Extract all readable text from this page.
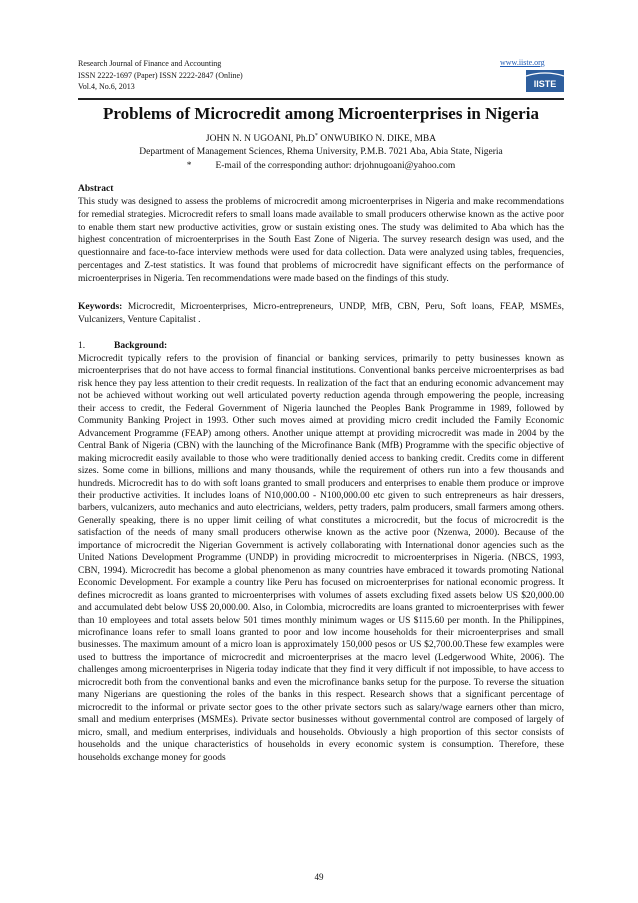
Research Journal of Finance and Accounting
ISSN 2222-1697 (Paper) ISSN 2222-2847 (Online)
Vol.4, No.6, 2013
www.iiste.org
IISTE
Problems of Microcredit among Microenterprises in Nigeria
JOHN N. N UGOANI, Ph.D* ONWUBIKO N. DIKE, MBA
Department of Management Sciences, Rhema University, P.M.B. 7021 Aba, Abia State, Nigeria
*	E-mail of the corresponding author: drjohnugoani@yahoo.com
Abstract
This study was designed to assess the problems of microcredit among microenterprises in Nigeria and make recommendations for remedial strategies. Microcredit refers to small loans made available to small producers otherwise known as the active poor to enable them start new productive activities, grow or sustain existing ones. The study was delimited to Aba which has the highest concentration of microenterprises in the South East Zone of Nigeria. The survey research design was used, and the questionnaire and face-to-face interview methods were used for data collection. Data were analyzed using tables, frequencies, percentages and Z-test statistics. It was found that problems of microcredit have significant effects on the performance of microenterprises in Nigeria. Ten recommendations were made based on the findings of this study.
Keywords: Microcredit, Microenterprises, Micro-entrepreneurs, UNDP, MfB, CBN, Peru, Soft loans, FEAP, MSMEs, Vulcanizers, Venture Capitalist .
1.	Background:
Microcredit typically refers to the provision of financial or banking services, primarily to petty businesses known as microenterprises that do not have access to formal financial institutions. Conventional banks perceive microenterprises as bad risk hence they pay less attention to their credit requests. In realization of the fact that an enduring economic advancement may not be achieved without working out well articulated poverty reduction agenda through empowering the people, increasing their access to credit, the Federal Government of Nigeria launched the Peoples Bank Programme in 1989, followed by Community Banking Project in 1993. Other such moves aimed at providing micro credit included the Family Economic Advancement Programme (FEAP) among others. Another unique attempt at providing microcredit was made in 2004 by the Central Bank of Nigeria (CBN) with the launching of the Microfinance Bank (MfB) Programme with the specific objective of making microcredit easily available to those who were traditionally denied access to banking credit. Credits come in different sizes. Some come in billions, millions and many thousands, while the requirement of others run into a few thousands and hundreds. Microcredit has to do with soft loans granted to small producers and enterprises to enable them produce or improve their productive activities. It includes loans of N10,000.00 - N100,000.00 etc given to such entrepreneurs as hair dressers, barbers, vulcanizers, auto mechanics and auto electricians, welders, petty traders, palm producers, small farmers among others. Generally speaking, there is no upper limit ceiling of what constitutes a microcredit, but the focus of microcredit is the satisfaction of the needs of many small producers otherwise known as the active poor (Nzenwa, 2000). Because of the importance of microcredit the Nigerian Government is actively collaborating with International donor agencies such as the United Nations Development Programme (UNDP) in providing microcredit to microenterprises in Nigeria. (NBCS, 1993, CBN, 1994). Microcredit has become a global phenomenon as many countries have embraced it towards promoting National Economic Development. For example a country like Peru has focused on microenterprises for national economic progress. It defines microcredit as loans granted to microenterprises with volumes of assets excluding fixed assets below US $20,000.00 and accumulated debt below US$ 20,000.00. Also, in Colombia, microcredits are loans granted to microenterprises with fewer than 10 employees and total assets below 501 times monthly minimum wages or US $115.60 per month. In the Philippines, microfinance loans refer to small loans granted to poor and low income households for their microenterprises and small businesses. The maximum amount of a micro loan is approximately 150,000 pesos or US $2,700.00.These few examples were used to buttress the importance of microcredit and microenterprises at the macro level (Ledgerwood White, 2006). The challenges among microenterprises in Nigeria today indicate that they find it very difficult if not impossible, to have access to microcredit both from the conventional banks and even the microfinance banks setup for the purpose. To reverse the situation many Nigerians are questioning the roles of the banks in this respect. Research shows that a significant percentage of microcredit to the informal or private sector goes to the other private sectors such as salary/wage earners other than micro, small and medium enterprises (MSMEs). Private sector businesses without governmental control are composed of largely of micro, small, and medium enterprises, individuals and households. Obviously a high proportion of this sector consists of households and the unique characteristics of households in every economic system is consumption. Therefore, these households exchange money for goods
49
